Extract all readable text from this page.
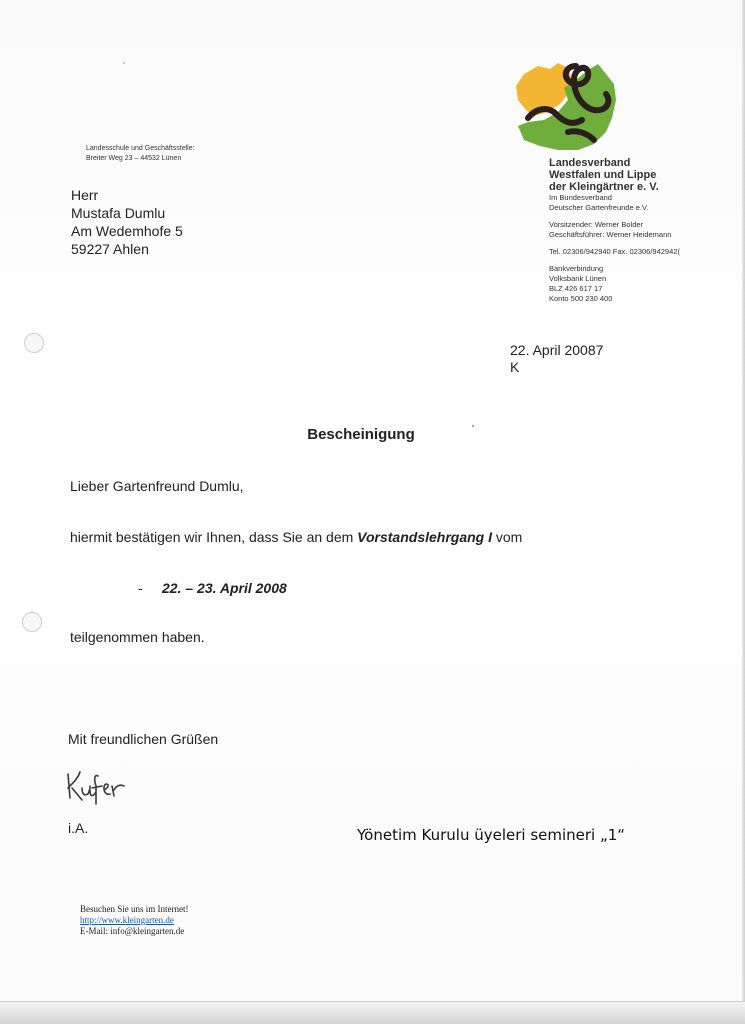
Landesschule und Geschäftsstelle:
Breiter Weg 23 – 44532 Lünen
Herr
Mustafa Dumlu
Am Wedemhofe 5
59227 Ahlen
Landesverband
Westfalen und Lippe
der Kleingärtner e. V.
Im Bundesverband
Deutscher Gartenfreunde e.V.
Vorsitzender: Werner Bolder
Geschäftsführer: Werner Heidemann
Tel. 02306/942940 Fax. 02306/942942(
Bankverbindung
Volksbank Lünen
BLZ 426 617 17
Konto 500 230 400
22. April 20087
K
Bescheinigung
Lieber Gartenfreund Dumlu,
hiermit bestätigen wir Ihnen, dass Sie an dem Vorstandslehrgang I vom
- 22. – 23. April 2008
teilgenommen haben.
Mit freundlichen Grüßen
i.A.	Yönetim Kurulu üyeleri semineri „1“
Besuchen Sie uns im Internet!
http://www.kleingarten.de
E-Mail: info@kleingarten.de
